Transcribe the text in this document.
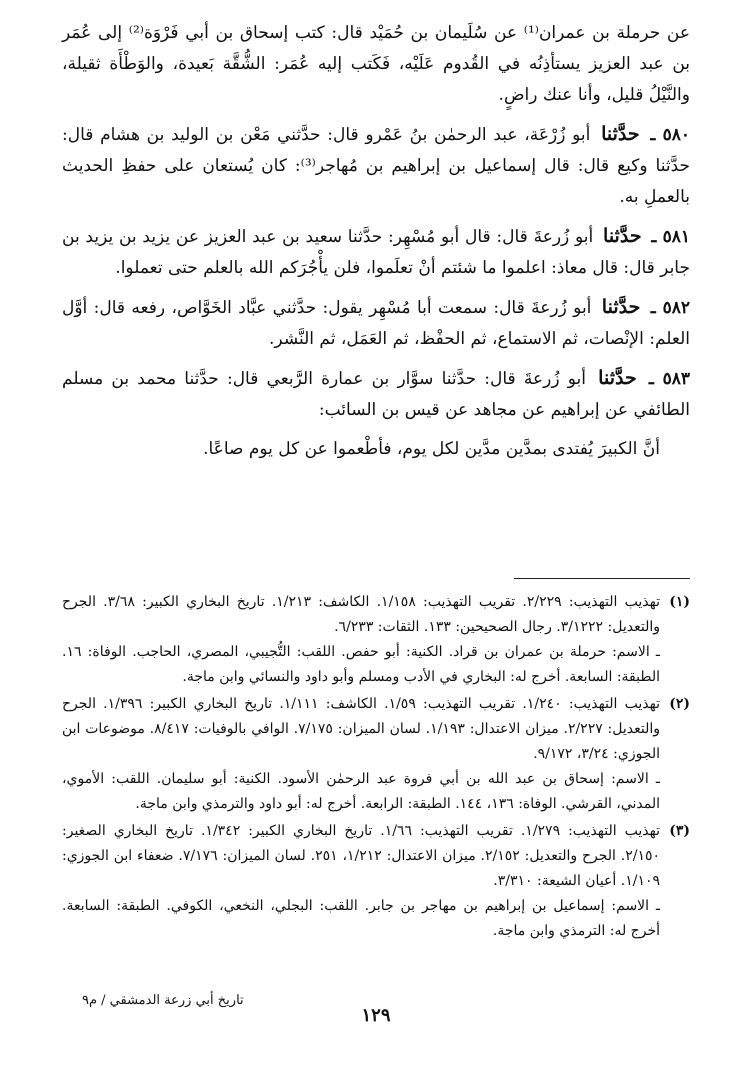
عن حرملة بن عمران⁽¹⁾ عن سُلَيمان بن حُمَيْد قال: كتب إسحاق بن أبي فَرْوَة⁽²⁾ إلى عُمَر بن عبد العزيز يستأذِنُه في القُدوم عَلَيْه، فَكَتب إليه عُمَر: الشُّقَّة بَعيدة، والوَطْأَة ثقيلة، والنَّيْلُ قليل، وأنا عنك راضٍ.

٥٨٠ ـ حدَّثنا أبو زُرْعَة، عبد الرحمٰن بنُ عَمْرو قال: حدَّثني مَعْن بن الوليد بن هشام قال: حدَّثنا وكيع قال: قال إسماعيل بن إبراهيم بن مُهاجر⁽³⁾: كان يُستعان على حفظِ الحديث بالعملِ به.

٥٨١ ـ حدَّثنا أبو زُرعةَ قال: قال أبو مُسْهِر: حدَّثنا سعيد بن عبد العزيز عن يزيد بن يزيد بن جابر قال: قال معاذ: اعلموا ما شئتم أنْ تعلَموا، فلن يأْجُرَكم الله بالعلم حتى تعملوا.

٥٨٢ ـ حدَّثنا أبو زُرعةَ قال: سمعت أبا مُسْهِر يقول: حدَّثني عبَّاد الخَوَّاص، رفعه قال: أوَّل العلم: الإنْصات، ثم الاستماع، ثم الحفْظ، ثم العَمَل، ثم النَّشر.

٥٨٣ ـ حدَّثنا أبو زُرعةَ قال: حدَّثنا سوَّار بن عمارة الرَّبعي قال: حدَّثنا محمد بن مسلم الطائفي عن إبراهيم عن مجاهد عن قيس بن السائب:

أنَّ الكبيرَ يُفتدى بمدَّين مدَّين لكل يوم، فأطْعموا عن كل يوم صاعًا.

(١)
تهذيب التهذيب: ٢/٢٢٩. تقريب التهذيب: ١/١٥٨. الكاشف: ١/٢١٣. تاريخ البخاري الكبير: ٣/٦٨. الجرح والتعديل: ٣/١٢٢٢. رجال الصحيحين: ١٣٣. الثقات: ٦/٢٣٣.
ـ الاسم: حرملة بن عمران بن قراد. الكنية: أبو حفص. اللقب: التُّجيبي، المصري، الحاجب. الوفاة: ١٦. الطبقة: السابعة. أخرج له: البخاري في الأدب ومسلم وأبو داود والنسائي وابن ماجة.
(٢)
تهذيب التهذيب: ١/٢٤٠. تقريب التهذيب: ١/٥٩. الكاشف: ١/١١١. تاريخ البخاري الكبير: ١/٣٩٦. الجرح والتعديل: ٢/٢٢٧. ميزان الاعتدال: ١/١٩٣. لسان الميزان: ٧/١٧٥. الوافي بالوفيات: ٨/٤١٧. موضوعات ابن الجوزي: ٣/٢٤، ٩/١٧٢.
ـ الاسم: إسحاق بن عبد الله بن أبي فروة عبد الرحمٰن الأسود. الكنية: أبو سليمان. اللقب: الأموي، المدني، القرشي. الوفاة: ١٣٦، ١٤٤. الطبقة: الرابعة. أخرج له: أبو داود والترمذي وابن ماجة.
(٣)
تهذيب التهذيب: ١/٢٧٩. تقريب التهذيب: ١/٦٦. تاريخ البخاري الكبير: ١/٣٤٢. تاريخ البخاري الصغير: ٢/١٥٠. الجرح والتعديل: ٢/١٥٢. ميزان الاعتدال: ١/٢١٢، ٢٥١. لسان الميزان: ٧/١٧٦. ضعفاء ابن الجوزي: ١/١٠٩. أعيان الشيعة: ٣/٣١٠.
ـ الاسم: إسماعيل بن إبراهيم بن مهاجر بن جابر. اللقب: البجلي، النخعي، الكوفي. الطبقة: السابعة. أخرج له: الترمذي وابن ماجة.
١٢٩
تاريخ أبي زرعة الدمشقي / م٩
